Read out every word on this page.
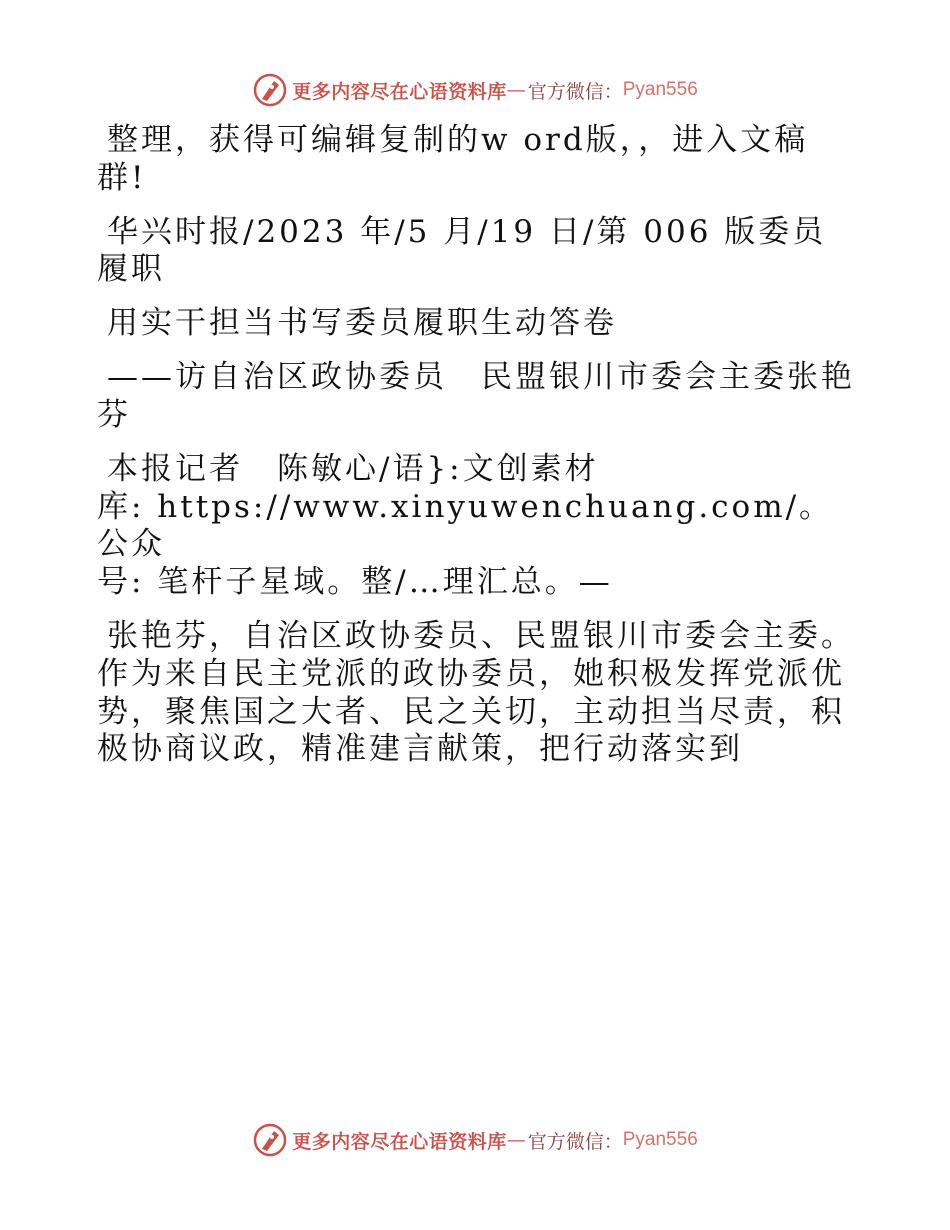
更多内容尽在心语资料库 — 官方微信： Pyan556

整理，获得可编辑复制的w ord版，，进入文稿群!

华兴时报/2023 年/5 月/19 日/第 006 版委员履职

用实干担当书写委员履职生动答卷

——访自治区政协委员　民盟银川市委会主委张艳芬

本报记者　陈敏心/语}:文创素材
库: https://www.xinyuwenchuang.com/。公众
号: 笔杆子星域。整/…理汇总。—

张艳芬，自治区政协委员、民盟银川市委会主委。作为来自民主党派的政协委员，她积极发挥党派优势，聚焦国之大者、民之关切，主动担当尽责，积极协商议政，精准建言献策，把行动落实到

更多内容尽在心语资料库 — 官方微信： Pyan556
